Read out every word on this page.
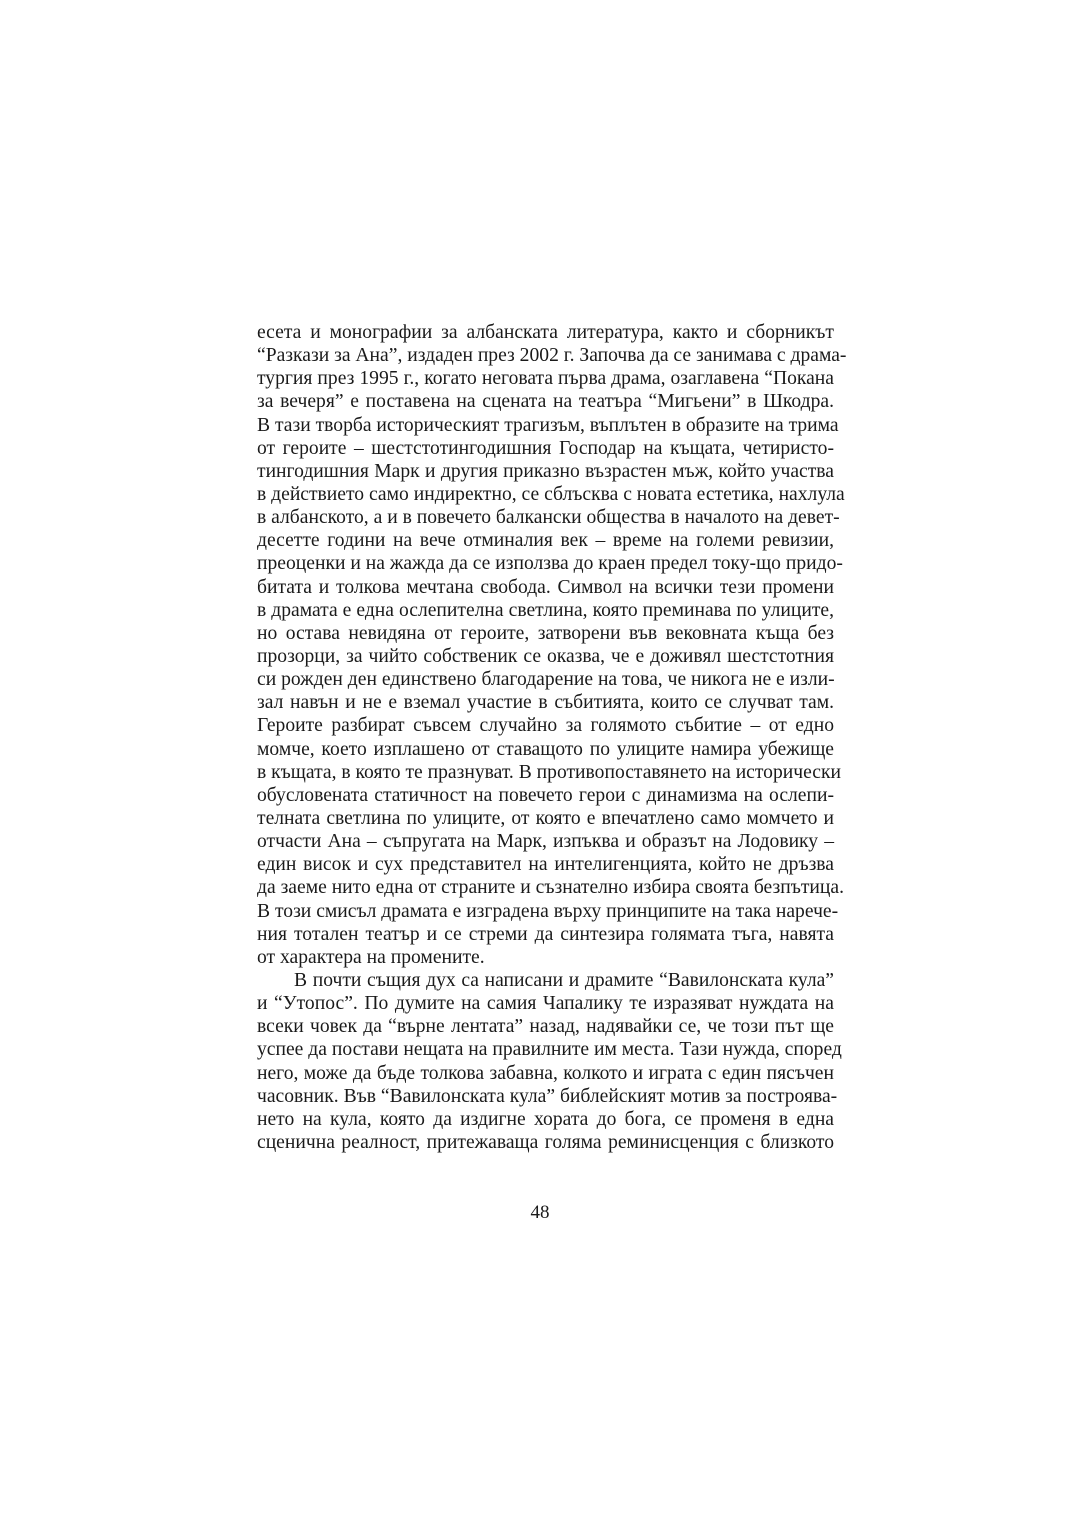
есета и монографии за албанската литература, както и сборникът
“Разкази за Ана”, издаден през 2002 г. Започва да се занимава с драма-
тургия през 1995 г., когато неговата първа драма, озаглавена “Покана
за вечеря” е поставена на сцената на театъра “Мигьени” в Шкодра.
В тази творба историческият трагизъм, въплътен в образите на трима
от героите – шестстотингодишния Господар на къщата, четиристо-
тингодишния Марк и другия приказно възрастен мъж, който участва
в действието само индиректно, се сблъсква с новата естетика, нахлула
в албанското, а и в повечето балкански общества в началото на девет-
десетте години на вече отминалия век – време на големи ревизии,
преоценки и на жажда да се използва до краен предел току-що придо-
битата и толкова мечтана свобода. Символ на всички тези промени
в драмата е една ослепителна светлина, която преминава по улиците,
но остава невидяна от героите, затворени във вековната къща без
прозорци, за чийто собственик се оказва, че е доживял шестстотния
си рожден ден единствено благодарение на това, че никога не е изли-
зал навън и не е вземал участие в събитията, които се случват там.
Героите разбират съвсем случайно за голямото събитие – от едно
момче, което изплашено от ставащото по улиците намира убежище
в къщата, в която те празнуват. В противопоставянето на исторически
обусловената статичност на повечето герои с динамизма на ослепи-
телната светлина по улиците, от която е впечатлено само момчето и
отчасти Ана – съпругата на Марк, изпъква и образът на Лодовику –
един висок и сух представител на интелигенцията, който не дръзва
да заеме нито една от страните и съзнателно избира своята безпътица.
В този смисъл драмата е изградена върху принципите на така нарече-
ния тотален театър и се стреми да синтезира голямата тъга, навята
от характера на промените.
В почти същия дух са написани и драмите “Вавилонската кула”
и “Утопос”. По думите на самия Чапалику те изразяват нуждата на
всеки човек да “върне лентата” назад, надявайки се, че този път ще
успее да постави нещата на правилните им места. Тази нужда, според
него, може да бъде толкова забавна, колкото и играта с един пясъчен
часовник. Във “Вавилонската кула” библейският мотив за построява-
нето на кула, която да издигне хората до бога, се променя в една
сценична реалност, притежаваща голяма реминисценция с близкото
48
